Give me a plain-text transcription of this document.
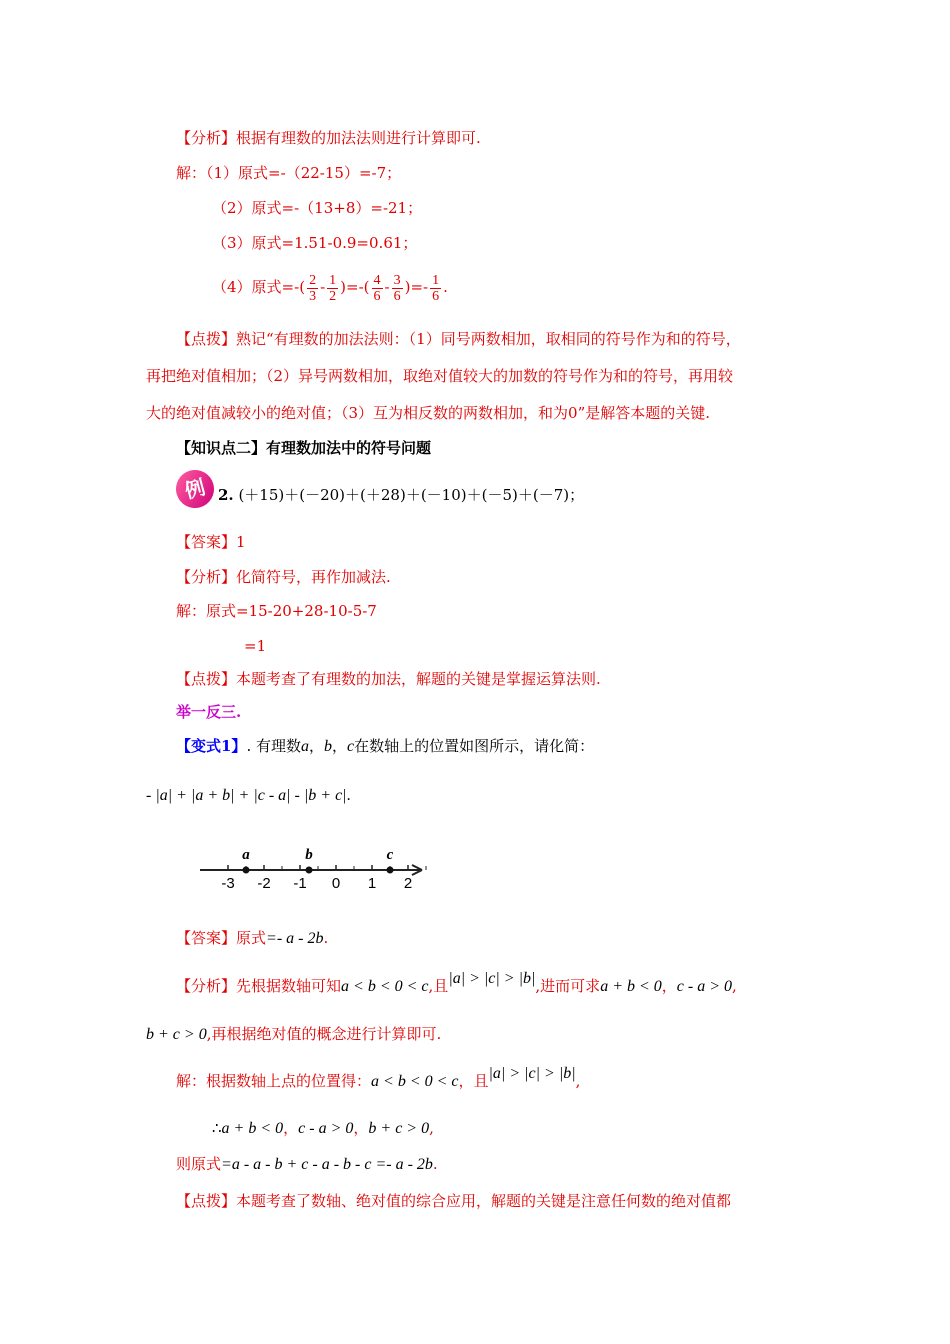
【分析】根据有理数的加法法则进行计算即可.
解：（1）原式=-（22-15）=-7；
（2）原式=-（13+8）=-21；
（3）原式=1.51-0.9=0.61；
（4）原式=-( $\frac{2}{3} - \frac{1}{2}$ )=-( $\frac{4}{6} - \frac{3}{6}$ )=- $\frac{1}{6}$ .
【点拨】熟记“有理数的加法法则：（1）同号两数相加，取相同的符号作为和的符号，
再把绝对值相加；（2）异号两数相加，取绝对值较大的加数的符号作为和的符号，再用较
大的绝对值减较小的绝对值；（3）互为相反数的两数相加，和为0”是解答本题的关键.
【知识点二】有理数加法中的符号问题
例 2. (＋15)＋(－20)＋(＋28)＋(－10)＋(－5)＋(－7)；
【答案】1
【分析】化简符号，再作加减法.
解：原式=15-20+28-10-5-7
=1
【点拨】本题考查了有理数的加法，解题的关键是掌握运算法则.
举一反三.
【变式1】. 有理数a，b，c在数轴上的位置如图所示，请化简：
- |a| + |a + b| + |c - a| - |b + c|.
-3 -2 -1 0 1 2
a	b	c
【答案】原式=- a - 2b.
【分析】先根据数轴可知a < b < 0 < c,且|a| > |c| > |b|,进而可求a + b < 0，c - a > 0,
b + c > 0,再根据绝对值的概念进行计算即可.
解：根据数轴上点的位置得：a < b < 0 < c，且|a| > |c| > |b|,
∴a + b < 0，c - a > 0，b + c > 0,
则原式=a - a - b + c - a - b - c =- a - 2b.
【点拨】本题考查了数轴、绝对值的综合应用，解题的关键是注意任何数的绝对值都
